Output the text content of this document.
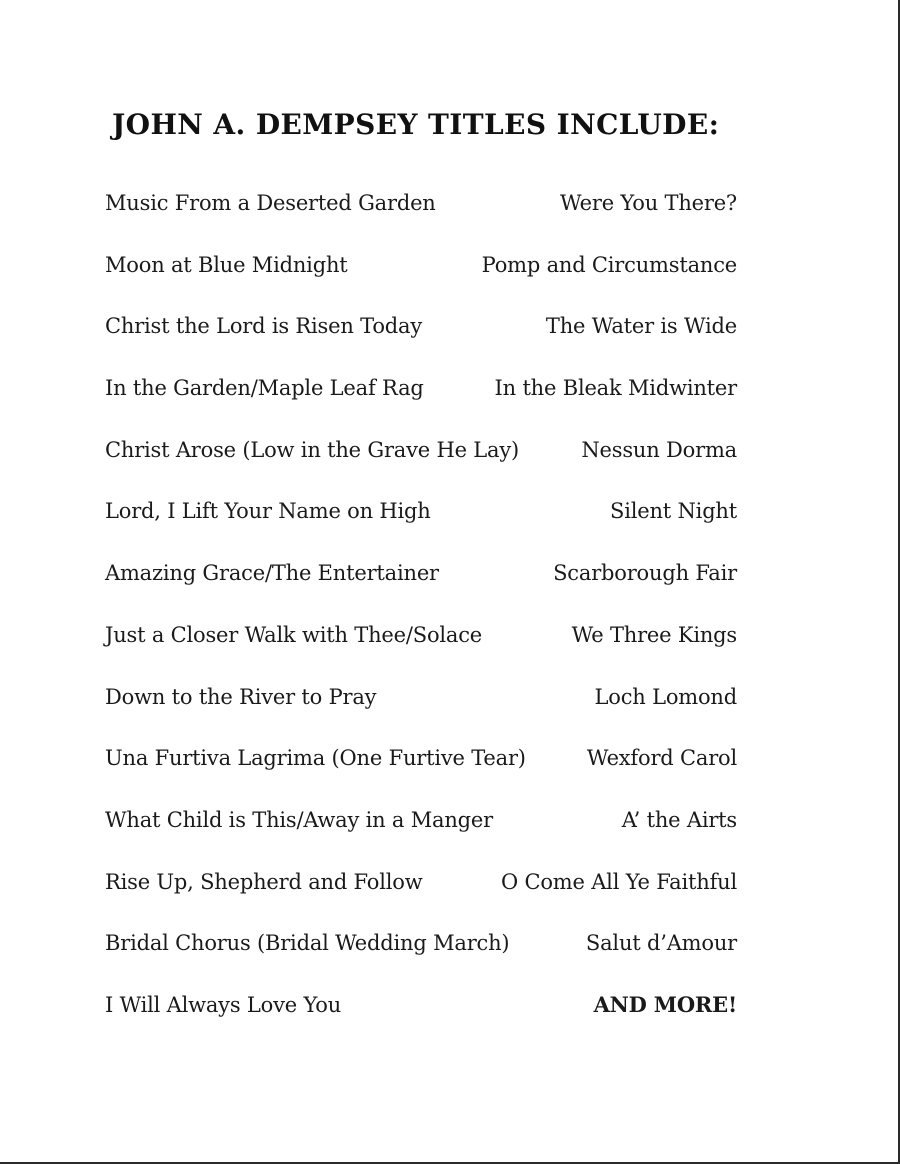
JOHN A. DEMPSEY TITLES INCLUDE:
Music From a Deserted Garden	Were You There?
Moon at Blue Midnight	Pomp and Circumstance
Christ the Lord is Risen Today	The Water is Wide
In the Garden/Maple Leaf Rag	In the Bleak Midwinter
Christ Arose (Low in the Grave He Lay)	Nessun Dorma
Lord, I Lift Your Name on High	Silent Night
Amazing Grace/The Entertainer	Scarborough Fair
Just a Closer Walk with Thee/Solace	We Three Kings
Down to the River to Pray	Loch Lomond
Una Furtiva Lagrima (One Furtive Tear)	Wexford Carol
What Child is This/Away in a Manger	A’ the Airts
Rise Up, Shepherd and Follow	O Come All Ye Faithful
Bridal Chorus (Bridal Wedding March)	Salut d’Amour
I Will Always Love You	AND MORE!
